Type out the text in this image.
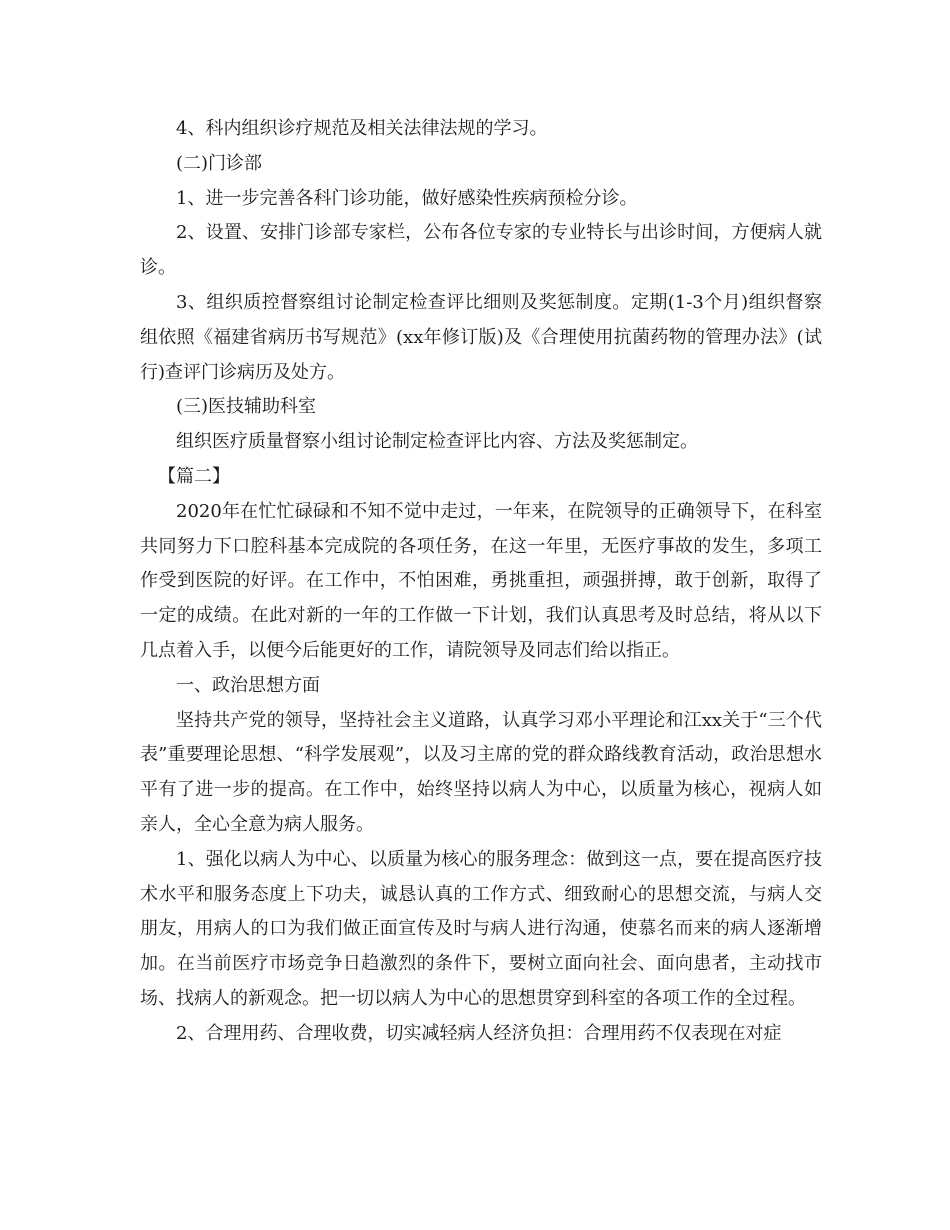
4、科内组织诊疗规范及相关法律法规的学习。

(二)门诊部

1、进一步完善各科门诊功能，做好感染性疾病预检分诊。

2、设置、安排门诊部专家栏，公布各位专家的专业特长与出诊时间，方便病人就诊。

3、组织质控督察组讨论制定检查评比细则及奖惩制度。定期(1-3个月)组织督察组依照《福建省病历书写规范》(xx年修订版)及《合理使用抗菌药物的管理办法》(试行)查评门诊病历及处方。

(三)医技辅助科室

组织医疗质量督察小组讨论制定检查评比内容、方法及奖惩制定。

【篇二】

2020年在忙忙碌碌和不知不觉中走过，一年来，在院领导的正确领导下，在科室共同努力下口腔科基本完成院的各项任务，在这一年里，无医疗事故的发生，多项工作受到医院的好评。在工作中，不怕困难，勇挑重担，顽强拼搏，敢于创新，取得了一定的成绩。在此对新的一年的工作做一下计划，我们认真思考及时总结，将从以下几点着入手，以便今后能更好的工作，请院领导及同志们给以指正。

一、政治思想方面

坚持共产党的领导，坚持社会主义道路，认真学习邓小平理论和江xx关于“三个代表”重要理论思想、“科学发展观”，以及习主席的党的群众路线教育活动，政治思想水平有了进一步的提高。在工作中，始终坚持以病人为中心，以质量为核心，视病人如亲人，全心全意为病人服务。

1、强化以病人为中心、以质量为核心的服务理念：做到这一点，要在提高医疗技术水平和服务态度上下功夫，诚恳认真的工作方式、细致耐心的思想交流，与病人交朋友，用病人的口为我们做正面宣传及时与病人进行沟通，使慕名而来的病人逐渐增加。在当前医疗市场竞争日趋激烈的条件下，要树立面向社会、面向患者，主动找市场、找病人的新观念。把一切以病人为中心的思想贯穿到科室的各项工作的全过程。

2、合理用药、合理收费，切实减轻病人经济负担：合理用药不仅表现在对症
